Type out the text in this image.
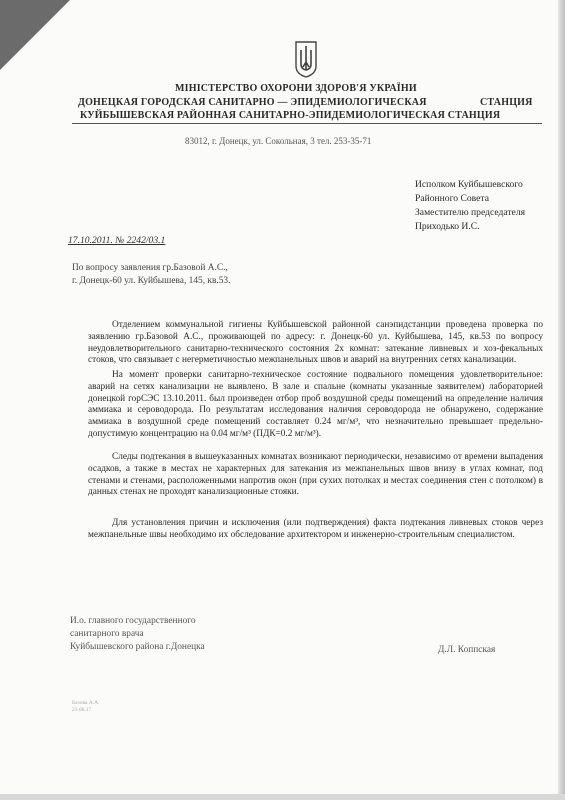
МІНІСТЕРСТВО ОХОРОНИ ЗДОРОВ'Я УКРАЇНИ
ДОНЕЦКАЯ ГОРОДСКАЯ САНИТАРНО — ЭПИДЕМИОЛОГИЧЕСКАЯ	СТАНЦИЯ
КУЙБЫШЕВСКАЯ РАЙОННАЯ САНИТАРНО-ЭПИДЕМИОЛОГИЧЕСКАЯ СТАНЦИЯ
83012, г. Донецк, ул. Сокольная, 3 тел. 253-35-71
Исполком Куйбышевского
Районного Совета
Заместителю председателя
Приходько И.С.
17.10.2011. № 2242/03.1
По вопросу заявления гр.Базовой А.С.,
г. Донецк-60 ул. Куйбышева, 145, кв.53.

Отделением коммунальной гигиены Куйбышевской районной санэпидстанции проведена проверка по заявлению гр.Базовой А.С., проживающей по адресу: г. Донецк-60 ул. Куйбышева, 145, кв.53 по вопросу неудовлетворительного санитарно-технического состояния 2х комнат: затекание ливневых и хоз-фекальных стоков, что связывает с негерметичностью межпанельных швов и аварий на внутренних сетях канализации.

На момент проверки санитарно-техническое состояние подвального помещения удовлетворительное: аварий на сетях канализации не выявлено. В зале и спальне (комнаты указанные заявителем) лабораторией донецкой горСЭС 13.10.2011. был произведен отбор проб воздушной среды помещений на определение наличия аммиака и сероводорода. По результатам исследования наличия сероводорода не обнаружено, содержание аммиака в воздушной среде помещений составляет 0.24 мг/м³, что незначительно превышает предельно-допустимую концентрацию на 0.04 мг/м³ (ПДК=0.2 мг/м³).

Следы подтекания в вышеуказанных комнатах возникают периодически, независимо от времени выпадения осадков, а также в местах не характерных для затекания из межпанельных швов внизу в углах комнат, под стенами и стенами, расположенными напротив окон (при сухих потолках и местах соединения стен с потолком) в данных стенах не проходят канализационные стояки.

Для установления причин и исключения (или подтверждения) факта подтекания ливневых стоков через межпанельные швы необходимо их обследование архитектором и инженерно-строительным специалистом.

И.о. главного государственного
санитарного врача
Куйбышевского района г.Донецка	Д.Л. Коппская
Базова А.А.
23.08.17
